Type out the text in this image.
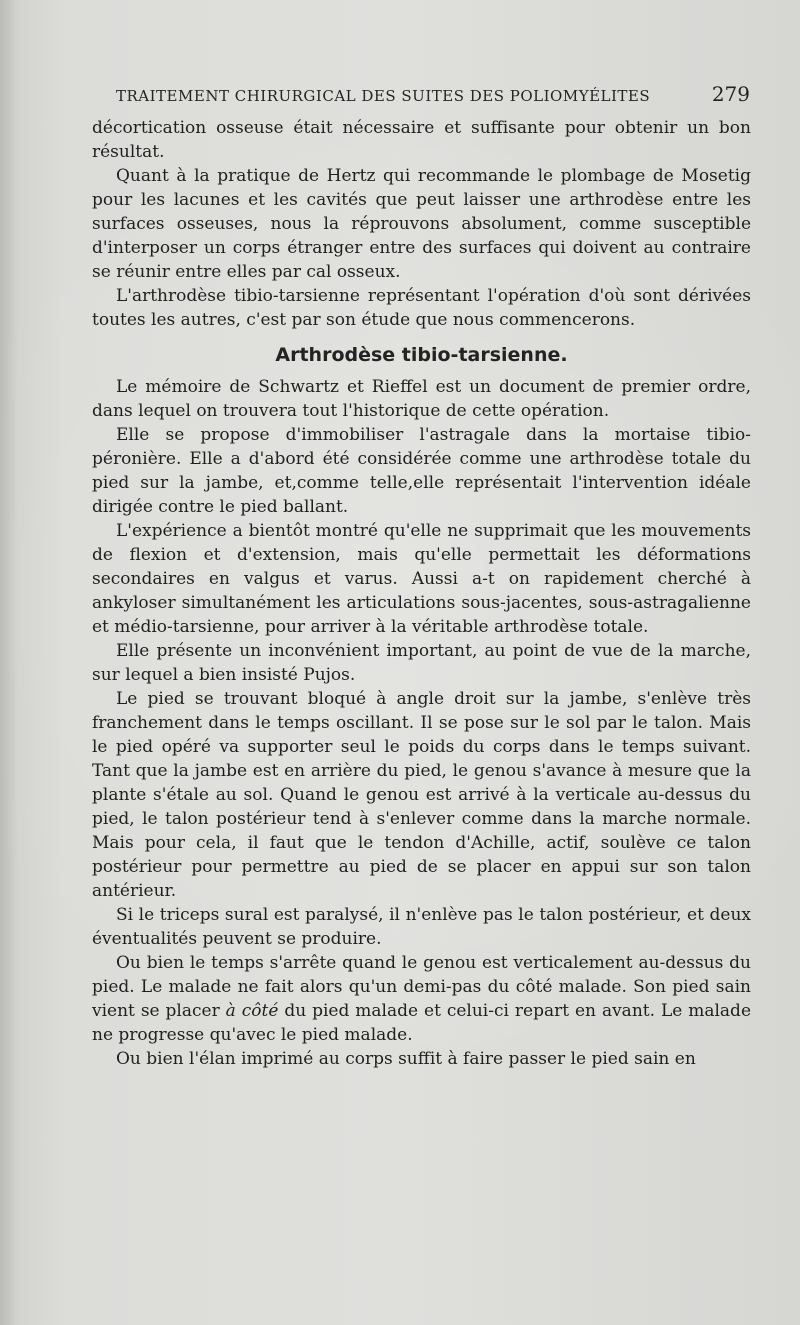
TRAITEMENT CHIRURGICAL DES SUITES DES POLIOMYÉLITES	279

décortication osseuse était nécessaire et suffisante pour obtenir un bon résultat.

Quant à la pratique de Hertz qui recommande le plombage de Mosetig pour les lacunes et les cavités que peut laisser une arthrodèse entre les surfaces osseuses, nous la réprouvons absolument, comme susceptible d'interposer un corps étranger entre des surfaces qui doivent au contraire se réunir entre elles par cal osseux.

L'arthrodèse tibio-tarsienne représentant l'opération d'où sont dérivées toutes les autres, c'est par son étude que nous commencerons.

Arthrodèse tibio-tarsienne.

Le mémoire de Schwartz et Rieffel est un document de premier ordre, dans lequel on trouvera tout l'historique de cette opération.

Elle se propose d'immobiliser l'astragale dans la mortaise tibio-péronière. Elle a d'abord été considérée comme une arthrodèse totale du pied sur la jambe, et,comme telle,elle représentait l'intervention idéale dirigée contre le pied ballant.

L'expérience a bientôt montré qu'elle ne supprimait que les mouvements de flexion et d'extension, mais qu'elle permettait les déformations secondaires en valgus et varus. Aussi a-t on rapidement cherché à ankyloser simultanément les articulations sous-jacentes, sous-astragalienne et médio-tarsienne, pour arriver à la véritable arthrodèse totale.

Elle présente un inconvénient important, au point de vue de la marche, sur lequel a bien insisté Pujos.

Le pied se trouvant bloqué à angle droit sur la jambe, s'enlève très franchement dans le temps oscillant. Il se pose sur le sol par le talon. Mais le pied opéré va supporter seul le poids du corps dans le temps suivant. Tant que la jambe est en arrière du pied, le genou s'avance à mesure que la plante s'étale au sol. Quand le genou est arrivé à la verticale au-dessus du pied, le talon postérieur tend à s'enlever comme dans la marche normale. Mais pour cela, il faut que le tendon d'Achille, actif, soulève ce talon postérieur pour permettre au pied de se placer en appui sur son talon antérieur.

Si le triceps sural est paralysé, il n'enlève pas le talon postérieur, et deux éventualités peuvent se produire.

Ou bien le temps s'arrête quand le genou est verticalement au-dessus du pied. Le malade ne fait alors qu'un demi-pas du côté malade. Son pied sain vient se placer à côté du pied malade et celui-ci repart en avant. Le malade ne progresse qu'avec le pied malade.

Ou bien l'élan imprimé au corps suffit à faire passer le pied sain en
